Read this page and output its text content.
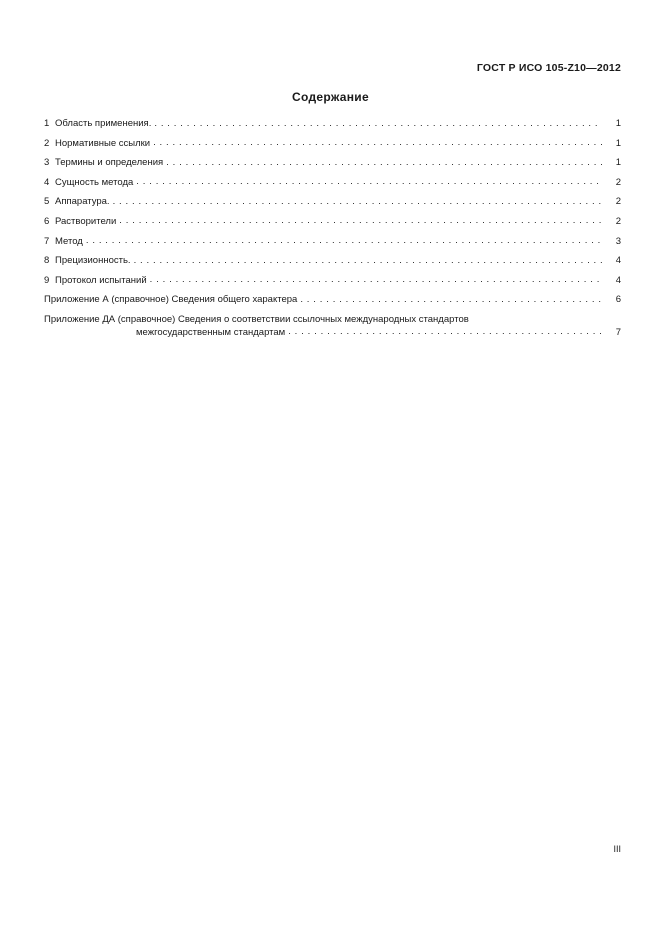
ГОСТ Р ИСО 105-Z10—2012
Содержание
1 Область применения. . . .	1
2 Нормативные ссылки . . .	1
3 Термины и определения . . .	1
4 Сущность метода . . .	2
5 Аппаратура. . . .	2
6 Растворители . . .	2
7 Метод . . .	3
8 Прецизионность. . . .	4
9 Протокол испытаний . . .	4
Приложение А (справочное) Сведения общего характера . . .	6
Приложение ДА (справочное) Сведения о соответствии ссылочных международных стандартов
межгосударственным стандартам . . .	7
III
